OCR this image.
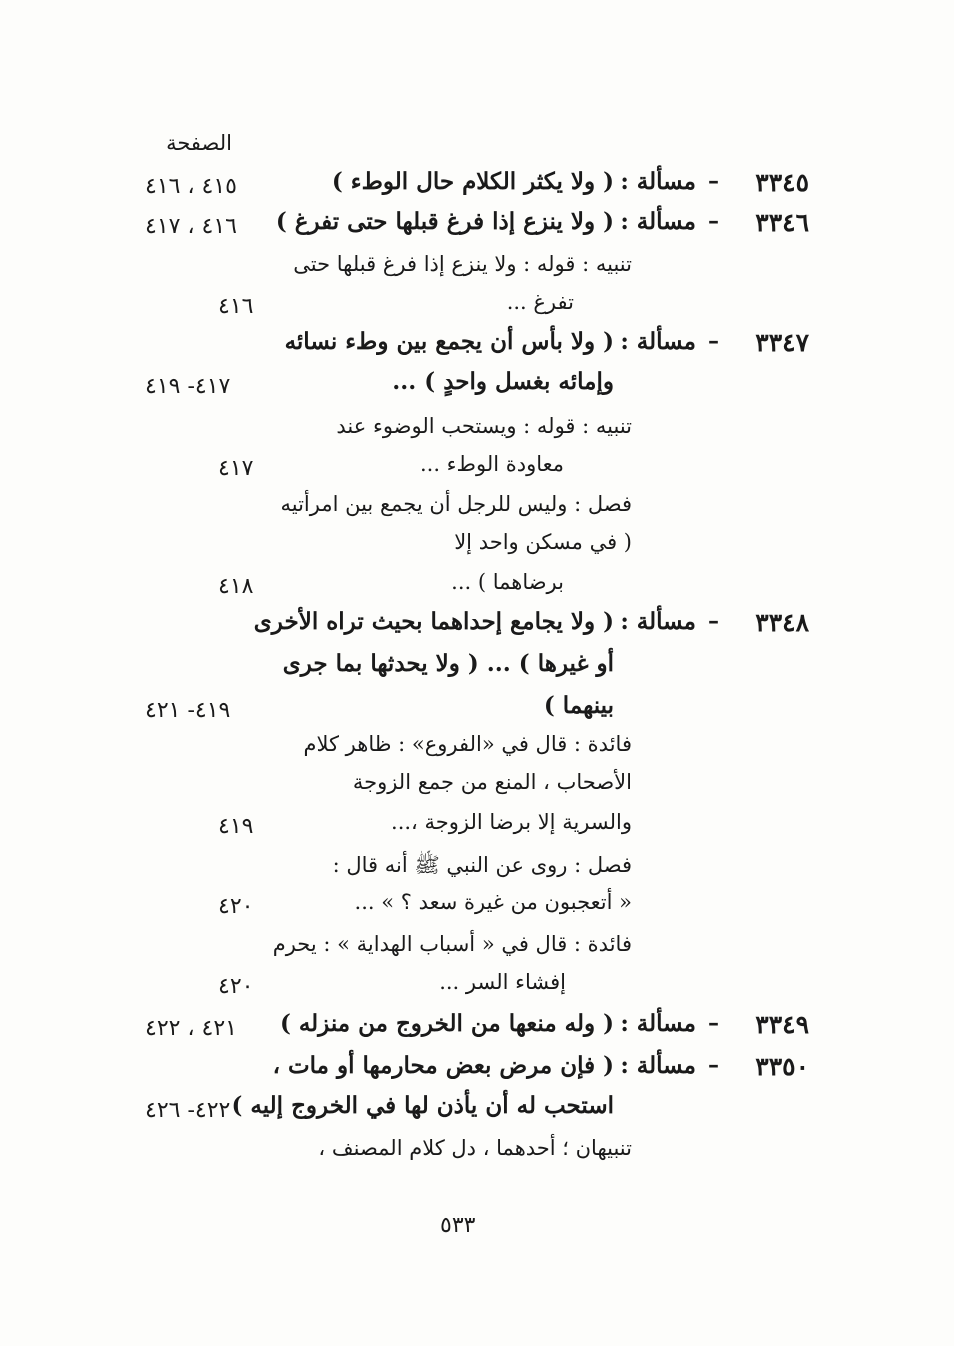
الصفحة
٣٣٤٥
–
مسألة :
( ولا يكثر الكلام حال الوطء )
٤١٥ ، ٤١٦
٣٣٤٦
–
مسألة :
( ولا ينزع إذا فرغ قبلها حتى تفرغ )
٤١٦ ، ٤١٧
تنبيه : قوله : ولا ينزع إذا فرغ قبلها حتى
تفرغ ...
٤١٦
٣٣٤٧
–
مسألة :
( ولا بأس أن يجمع بين وطء نسائه
وإمائه بغسل واحدٍ ) ...
٤١٧- ٤١٩
تنبيه : قوله : ويستحب الوضوء عند
معاودة الوطء ...
٤١٧
فصل : وليس للرجل أن يجمع بين امرأتيه
( في مسكن واحد إلا
برضاهما ) ...
٤١٨
٣٣٤٨
–
مسألة :
( ولا يجامع إحداهما بحيث تراه الأخرى
أو غيرها ) ... ( ولا يحدثها بما جرى
بينهما )
٤١٩- ٤٢١
فائدة : قال في «الفروع» : ظاهر كلام
الأصحاب ، المنع من جمع الزوجة
والسرية إلا برضا الزوجة ،...
٤١٩
فصل : روى عن النبي ﷺ أنه قال :
« أتعجبون من غيرة سعد ؟ » ...
٤٢٠
فائدة : قال في « أسباب الهداية » : يحرم
إفشاء السر ...
٤٢٠
٣٣٤٩
–
مسألة :
( وله منعها من الخروج من منزله )
٤٢١ ، ٤٢٢
٣٣٥٠
–
مسألة :
( فإن مرض بعض محارمها أو مات ،
استحب له أن يأذن لها في الخروج إليه )
٤٢٢- ٤٢٦
تنبيهان ؛ أحدهما ، دل كلام المصنف ،
٥٣٣
